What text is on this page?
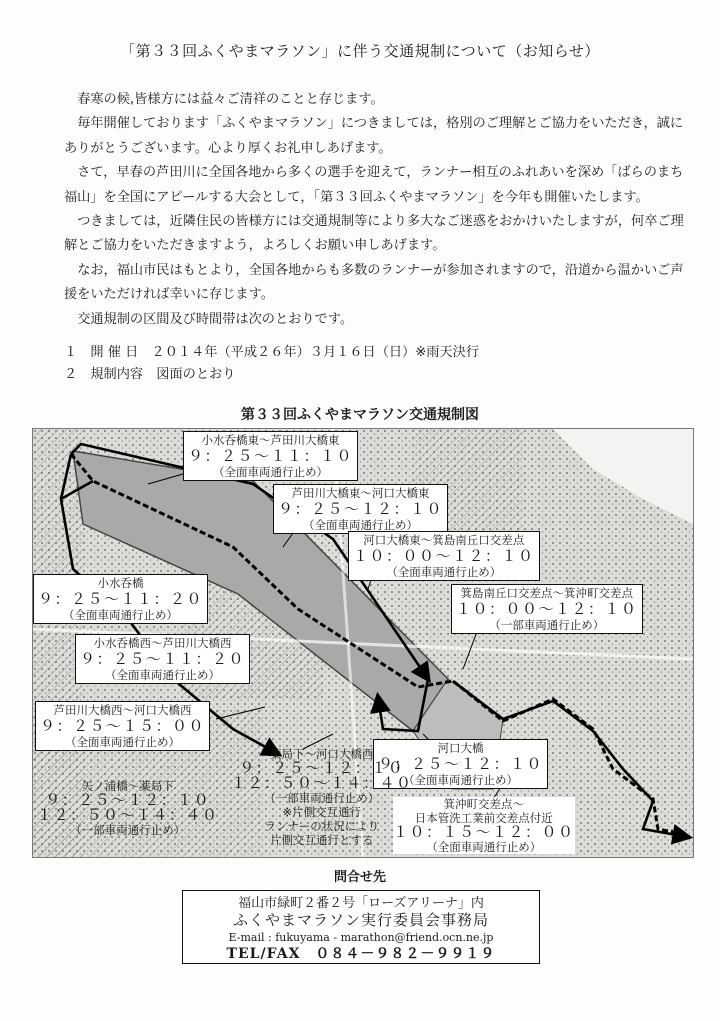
「第３３回ふくやまマラソン」に伴う交通規制について（お知らせ）

春寒の候,皆様方には益々ご清祥のことと存じます。

毎年開催しております「ふくやまマラソン」につきましては，格別のご理解とご協力をいただき，誠にありがとうございます。心より厚くお礼申しあげます。

さて，早春の芦田川に全国各地から多くの選手を迎えて，ランナー相互のふれあいを深め「ばらのまち福山」を全国にアピールする大会として，「第３３回ふくやまマラソン」を今年も開催いたします。

つきましては，近隣住民の皆様方には交通規制等により多大なご迷惑をおかけいたしますが，何卒ご理解とご協力をいただきますよう，よろしくお願い申しあげます。

なお，福山市民はもとより，全国各地からも多数のランナーが参加されますので，沿道から温かいご声援をいただければ幸いに存じます。

交通規制の区間及び時間帯は次のとおりです。

１　開 催 日　２０１４年（平成２６年）３月１６日（日）※雨天決行
２　規制内容　図面のとおり
第３３回ふくやまマラソン交通規制図
小水呑橋東～芦田川大橋東
９：２５～１１：１０
（全面車両通行止め）
芦田川大橋東～河口大橋東
９：２５～１２：１０
（全面車両通行止め）
河口大橋東～箕島南丘口交差点
１０：００～１２：１０
（全面車両通行止め）
箕島南丘口交差点～箕沖町交差点
１０：００～１２：１０
（一部車両通行止め）
小水呑橋
９：２５～１１：２０
（全面車両通行止め）
小水呑橋西～芦田川大橋西
９：２５～１１：２０
（全面車両通行止め）
芦田川大橋西～河口大橋西
９：２５～１５：００
（全面車両通行止め）	河口大橋
９：２５～１２：１０
（全面車両通行止め）
薬局下～河口大橋西
９：２５～１２：１０
１２：５０～１４：４０
（一部車両通行止め）
※片側交互通行
ランナーの状況により
片側交互通行とする
矢ノ浦橋～薬局下
９：２５～１２：１０
１２：５０～１４：４０
（一部車両通行止め）
箕沖町交差点～
日本管洗工業前交差点付近
１０：１５～１２：００
（全面車両通行止め）
問合せ先
福山市緑町２番２号「ローズアリーナ」内
ふくやまマラソン実行委員会事務局
E-mail : fukuyama - marathon@friend.ocn.ne.jp
TEL/FAX　０８４－９８２－９９１９
